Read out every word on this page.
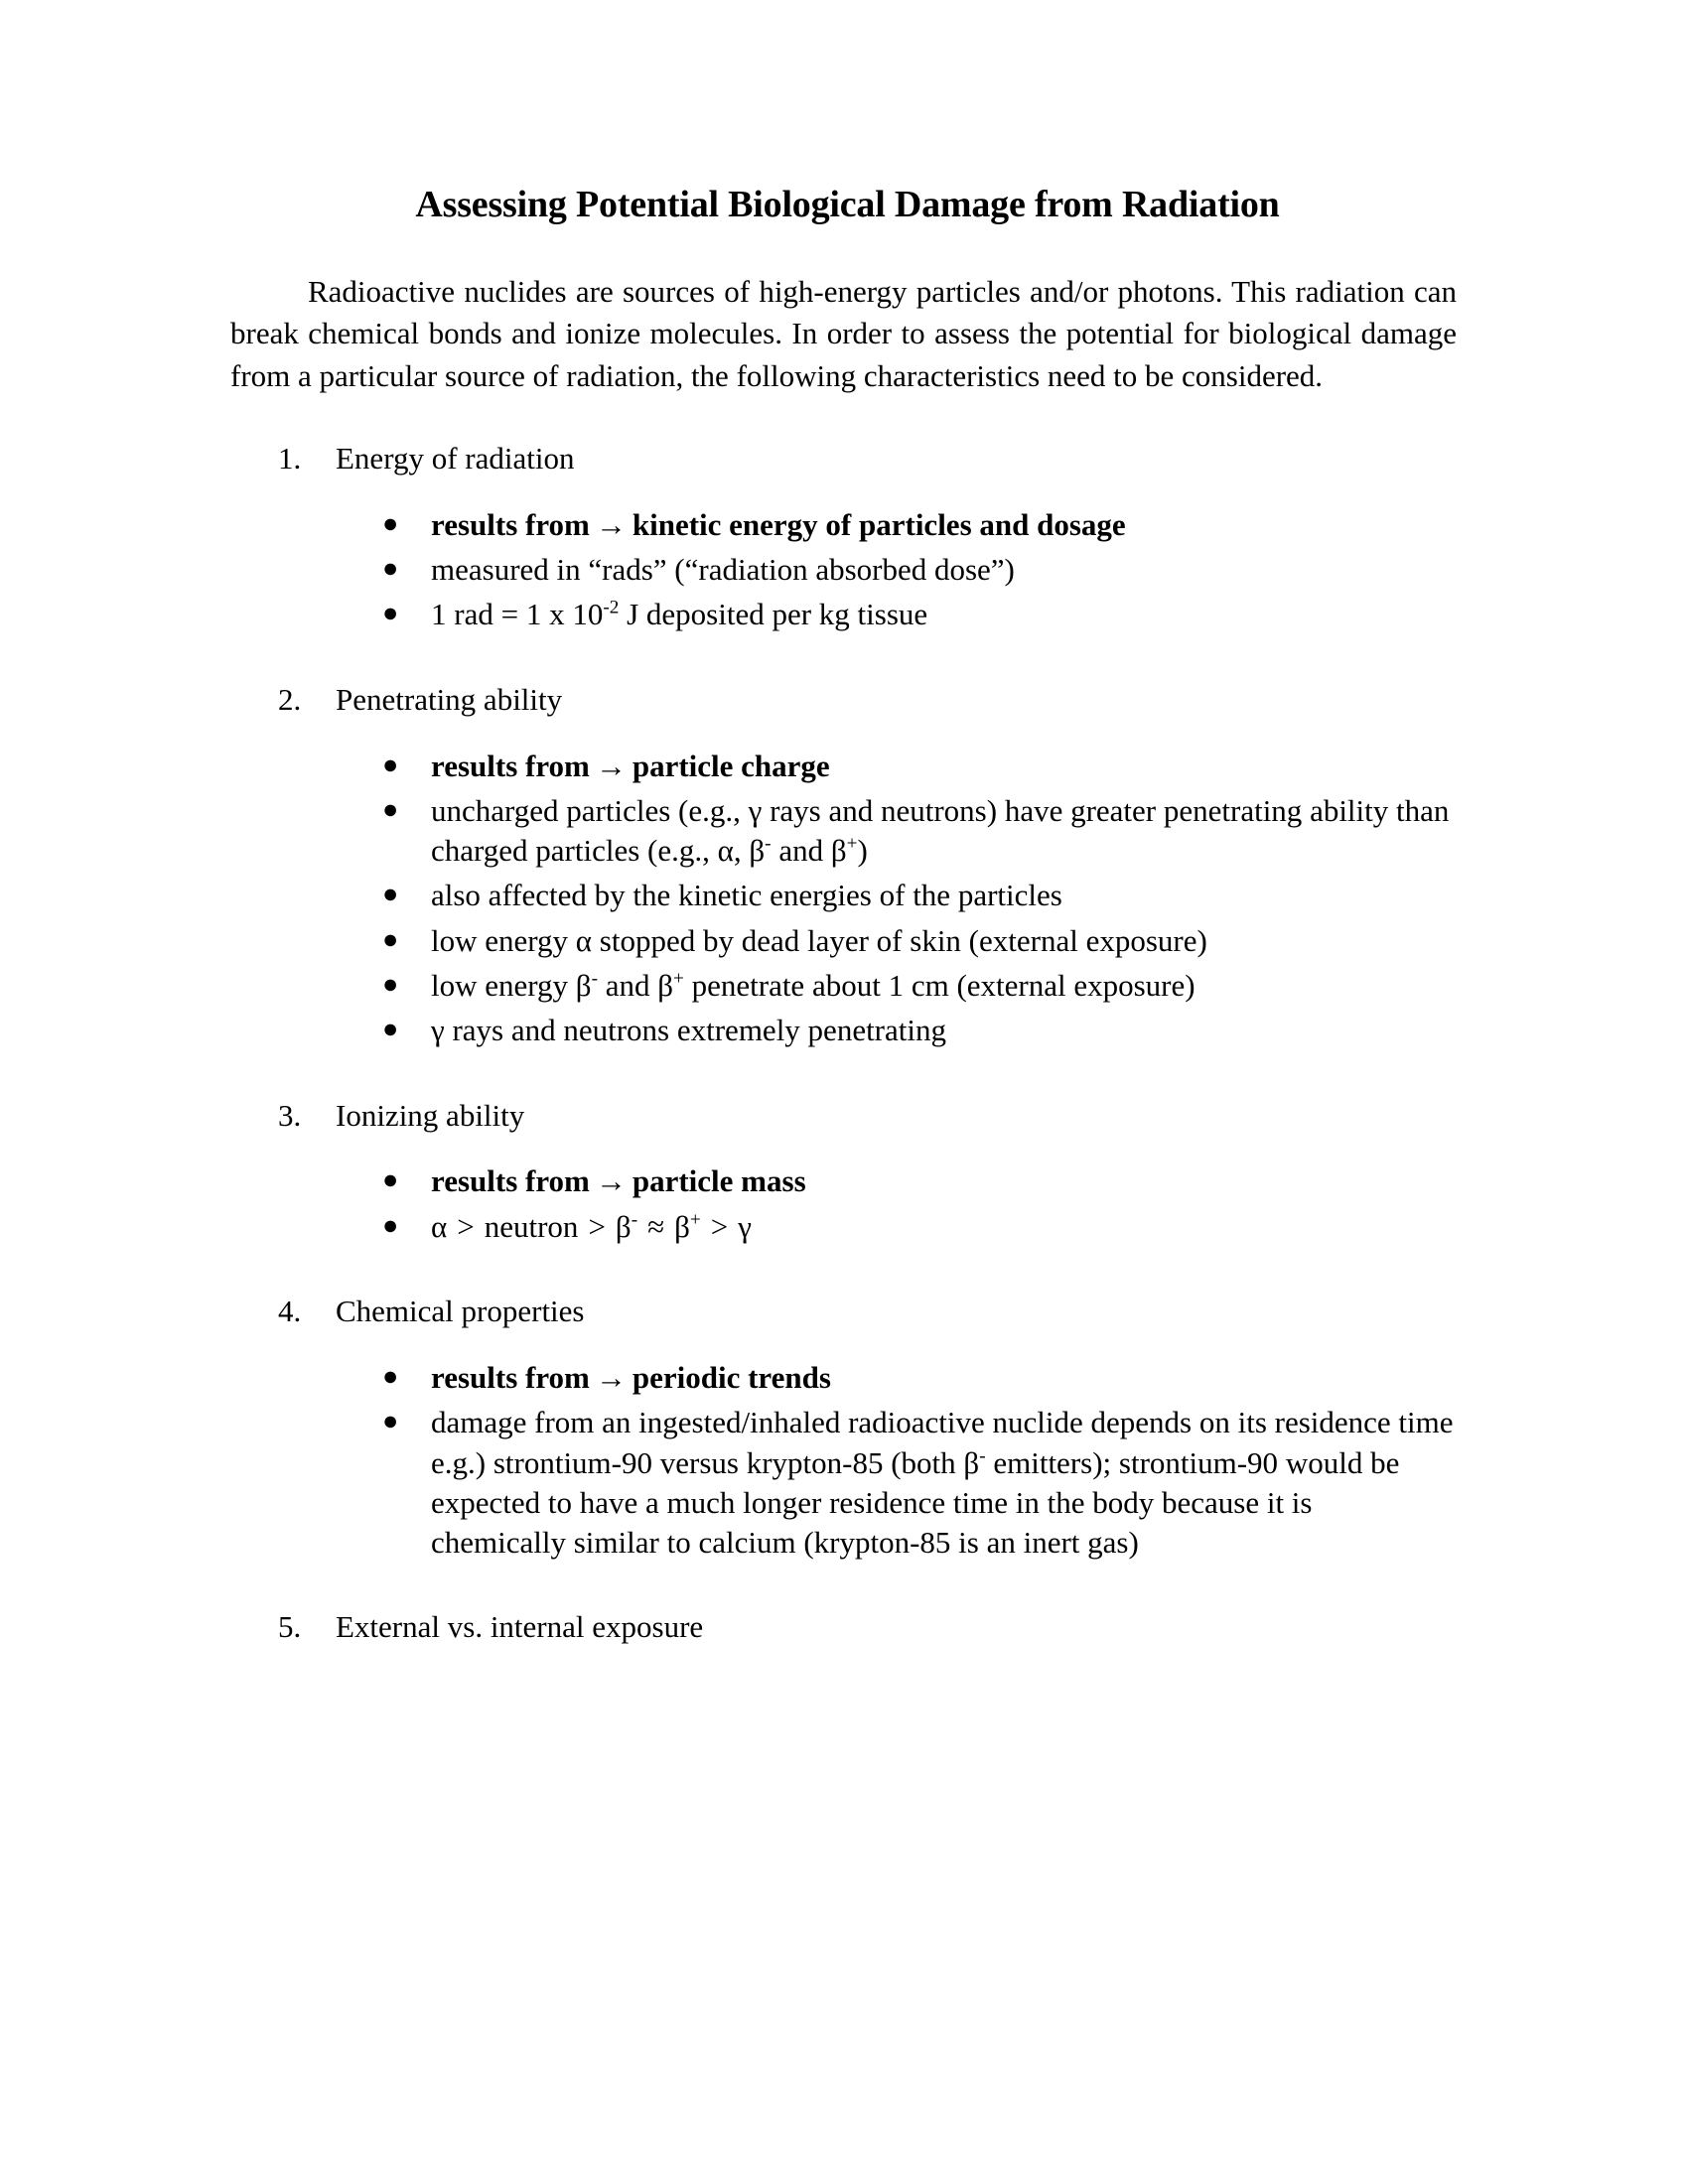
Assessing Potential Biological Damage from Radiation

Radioactive nuclides are sources of high-energy particles and/or photons. This radiation can break chemical bonds and ionize molecules. In order to assess the potential for biological damage from a particular source of radiation, the following characteristics need to be considered.

1. Energy of radiation
● results from → kinetic energy of particles and dosage
● measured in “rads” (“radiation absorbed dose”)
● 1 rad = 1 x $10^{-2}$ J deposited per kg tissue
2. Penetrating ability
● results from → particle charge
● uncharged particles (e.g., γ rays and neutrons) have greater penetrating ability than charged particles (e.g., α, β- and β+)
● also affected by the kinetic energies of the particles
● low energy α stopped by dead layer of skin (external exposure)
● low energy β- and β+ penetrate about 1 cm (external exposure)
● γ rays and neutrons extremely penetrating
3. Ionizing ability
● results from → particle mass
● α > neutron > β- ≈ β+ > γ
4. Chemical properties
● results from → periodic trends
● damage from an ingested/inhaled radioactive nuclide depends on its residence time
e.g.) strontium-90 versus krypton-85 (both β- emitters); strontium-90 would be expected to have a much longer residence time in the body because it is chemically similar to calcium (krypton-85 is an inert gas)
5. External vs. internal exposure
